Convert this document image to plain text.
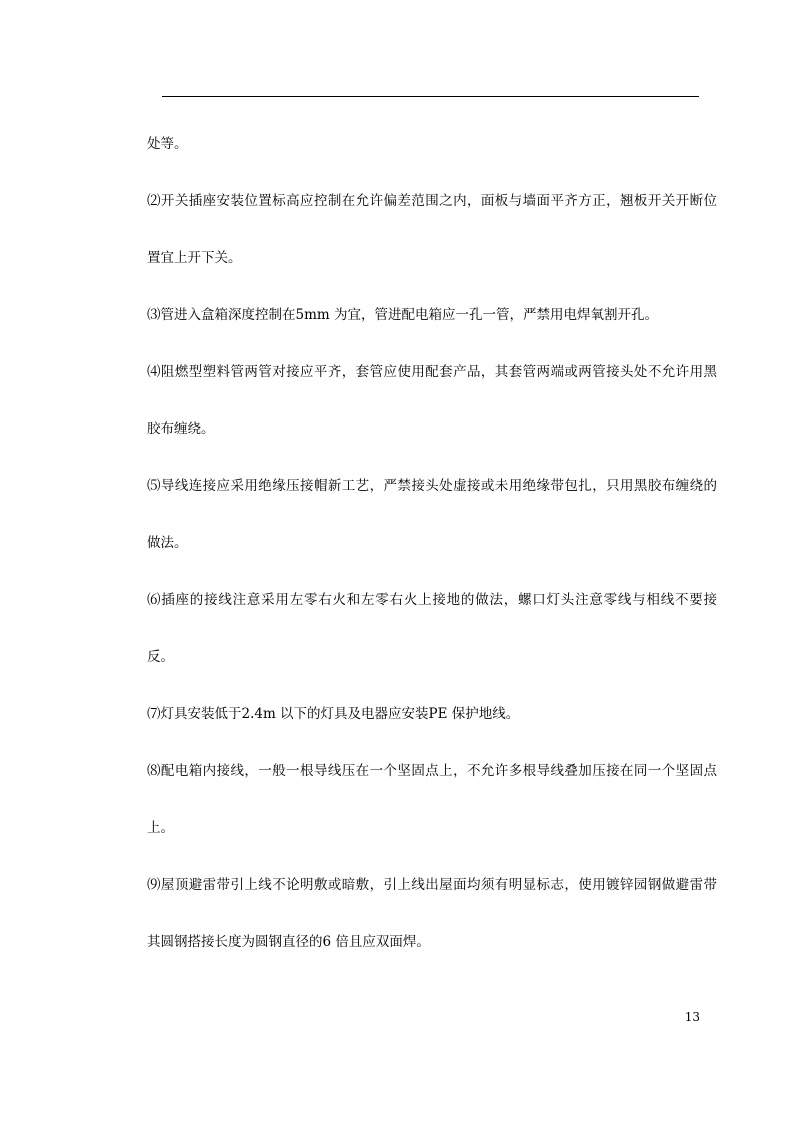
处等。
⑵开关插座安装位置标高应控制在允许偏差范围之内，面板与墙面平齐方正，翘板开关开断位
置宜上开下关。
⑶管进入盒箱深度控制在5mm 为宜，管进配电箱应一孔一管，严禁用电焊氧割开孔。
⑷阻燃型塑料管两管对接应平齐，套管应使用配套产品，其套管两端或两管接头处不允许用黑
胶布缠绕。
⑸导线连接应采用绝缘压接帽新工艺，严禁接头处虚接或未用绝缘带包扎，只用黑胶布缠绕的
做法。
⑹插座的接线注意采用左零右火和左零右火上接地的做法，螺口灯头注意零线与相线不要接
反。
⑺灯具安装低于2.4m 以下的灯具及电器应安装PE 保护地线。
⑻配电箱内接线，一般一根导线压在一个坚固点上，不允许多根导线叠加压接在同一个坚固点
上。
⑼屋顶避雷带引上线不论明敷或暗敷，引上线出屋面均须有明显标志，使用镀锌园钢做避雷带
其圆钢搭接长度为圆钢直径的6 倍且应双面焊。
13
